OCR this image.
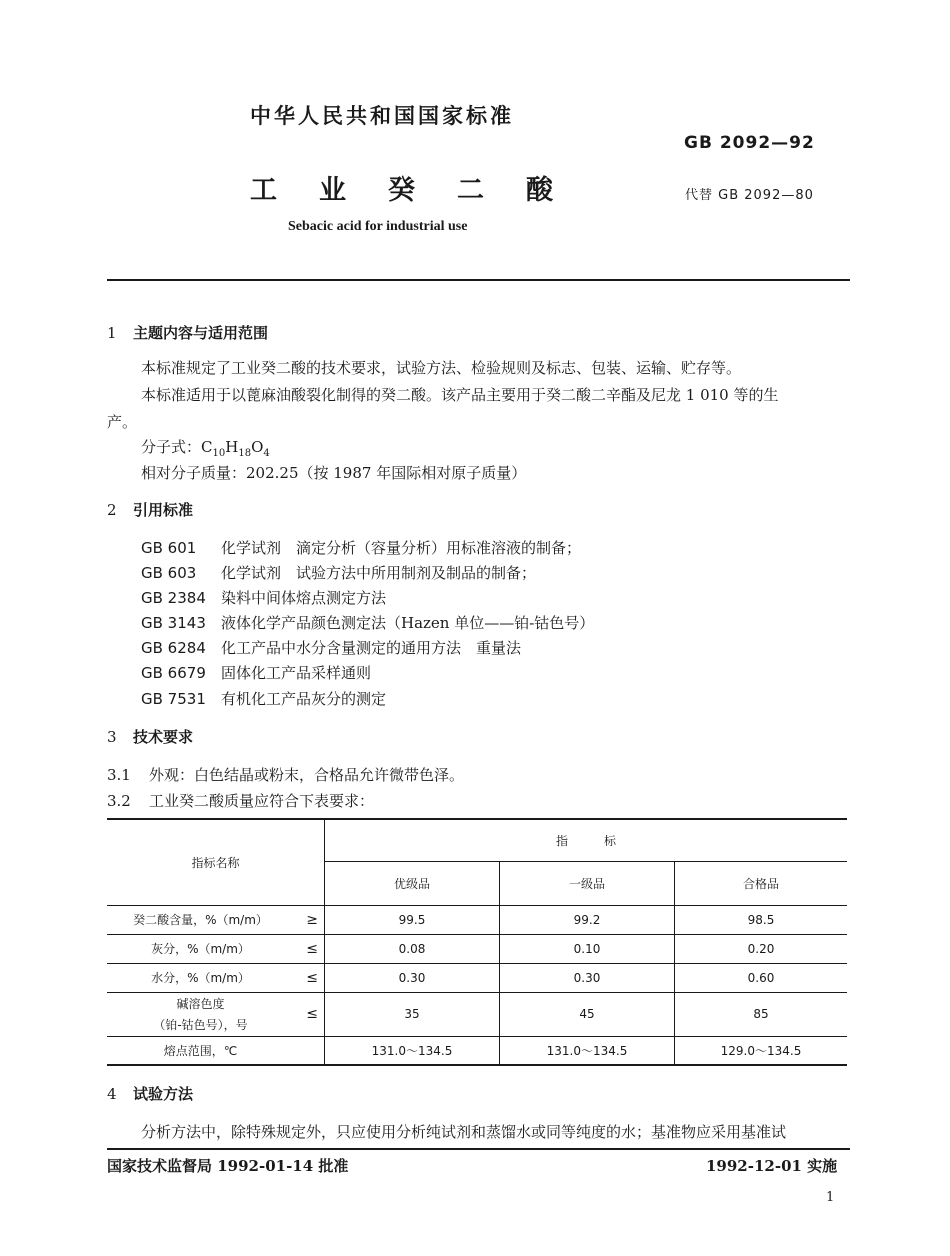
中华人民共和国国家标准
GB 2092—92
工业癸二酸	代替 GB 2092—80
Sebacic acid for industrial use
1 主题内容与适用范围
本标准规定了工业癸二酸的技术要求，试验方法、检验规则及标志、包装、运输、贮存等。
本标准适用于以蓖麻油酸裂化制得的癸二酸。该产品主要用于癸二酸二辛酯及尼龙 1 010 等的生
产。
分子式：$C_{10}H_{18}O_4$
相对分子质量：202.25（按 1987 年国际相对原子质量）
2 引用标准
GB 601 化学试剂　滴定分析（容量分析）用标准溶液的制备；
GB 603 化学试剂　试验方法中所用制剂及制品的制备；
GB 2384 染料中间体熔点测定方法
GB 3143 液体化学产品颜色测定法（Hazen 单位——铂-钴色号）
GB 6284 化工产品中水分含量测定的通用方法　重量法
GB 6679 固体化工产品采样通则
GB 7531 有机化工产品灰分的测定
3 技术要求
3.1 外观：白色结晶或粉末，合格品允许微带色泽。
3.2 工业癸二酸质量应符合下表要求：
指标名称	指　　　标		
	优级品	一级品	合格品

癸二酸含量，%（m/m） ≥	99.5	99.2	98.5

灰分，%（m/m） ≤	0.08	0.10	0.20

水分，%（m/m） ≤	0.30	0.30	0.60

碱溶色度
（铂-钴色号），号
≤	35	45	85

熔点范围，℃	131.0～134.5	131.0～134.5	129.0～134.5
4 试验方法
分析方法中，除特殊规定外，只应使用分析纯试剂和蒸馏水或同等纯度的水；基准物应采用基准试
国家技术监督局 1992-01-14 批准	1992-12-01 实施
1
